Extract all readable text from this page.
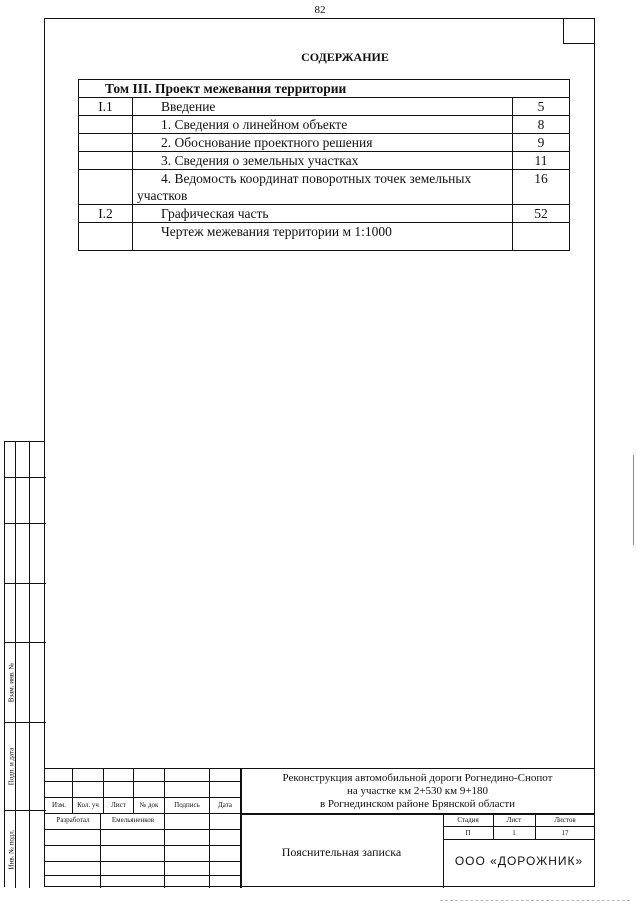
82
СОДЕРЖАНИЕ
Том III. Проект межевания территории		
I.1	Введение	5
	1. Сведения о линейном объекте	8
	2. Обоснование проектного решения	9
	3. Сведения о земельных участках	11
	4. Ведомость координат поворотных точек земельных участков	16
I.2	Графическая часть	52
	Чертеж межевания территории м 1:1000	
Взам. инв. №
Подп. и дата
Инв. № подл.
Изм.	Кол. уч	Лист	№ док	Подпись	Дата
Разработал	Емельяненков
Реконструкция автомобильной дороги Рогнедино-Снопот
на участке км 2+530 км 9+180
в Рогнединском районе Брянской области
Пояснительная записка
Стадия	Лист	Листов
П	1	17
ООО «ДОРОЖНИК»
